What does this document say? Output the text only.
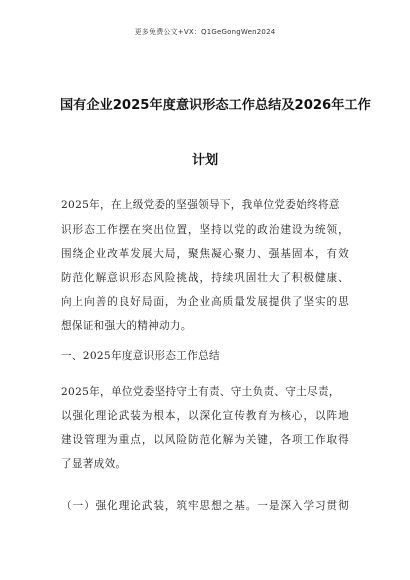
更多免费公文+VX：Q1GeGongWen2024
国有企业2025年度意识形态工作总结及2026年工作
计划
2025年，在上级党委的坚强领导下，我单位党委始终将意
识形态工作摆在突出位置，坚持以党的政治建设为统领，
围绕企业改革发展大局，聚焦凝心聚力、强基固本，有效
防范化解意识形态风险挑战，持续巩固壮大了积极健康、
向上向善的良好局面，为企业高质量发展提供了坚实的思
想保证和强大的精神动力。
一、2025年度意识形态工作总结
2025年，单位党委坚持守土有责、守土负责、守土尽责，
以强化理论武装为根本，以深化宣传教育为核心，以阵地
建设管理为重点，以风险防范化解为关键，各项工作取得
了显著成效。
（一）强化理论武装，筑牢思想之基。一是深入学习贯彻
